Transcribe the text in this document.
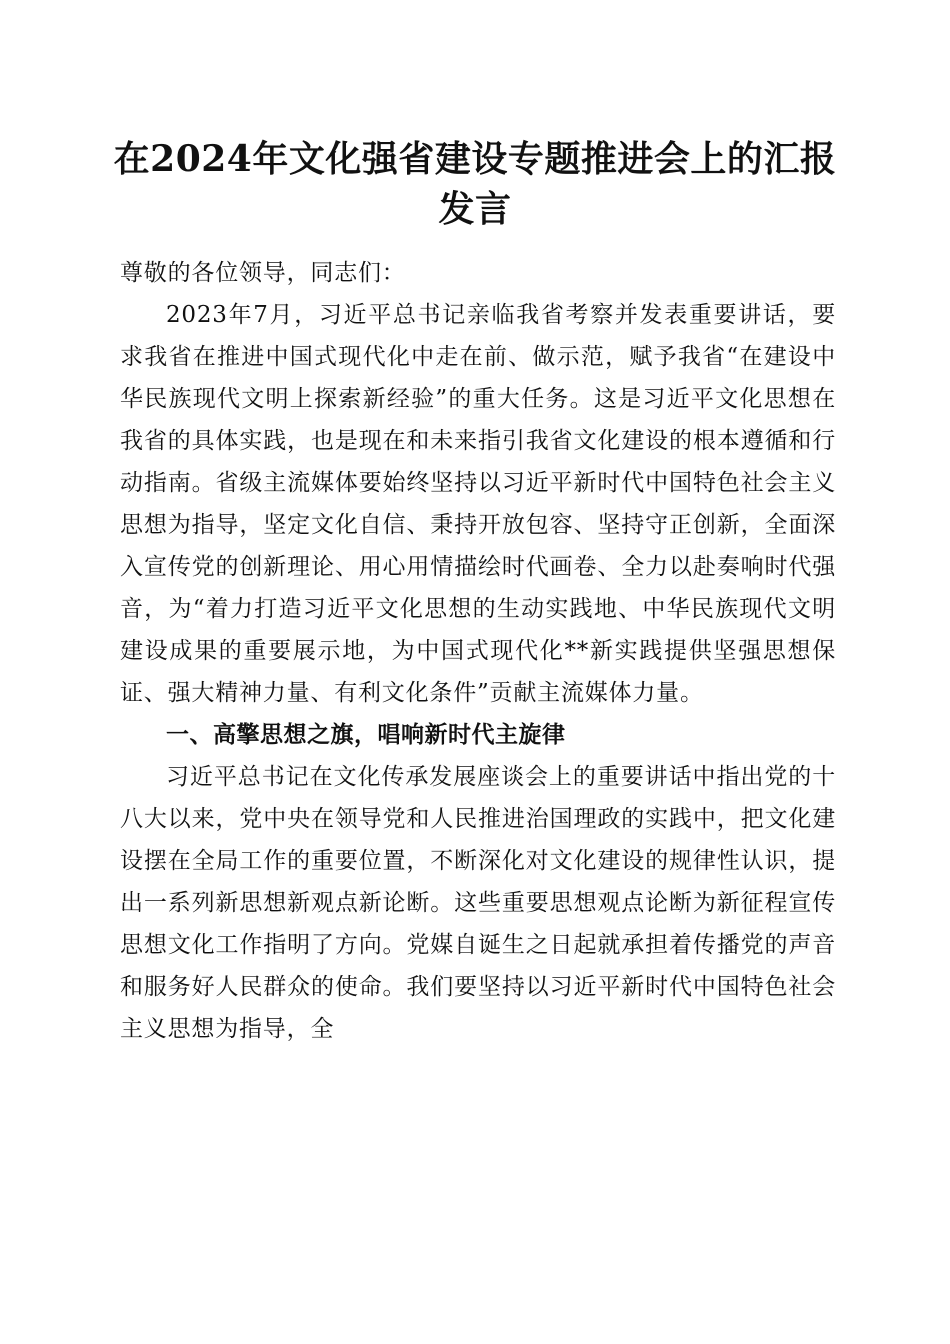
在2024年文化强省建设专题推进会上的汇报
发言

尊敬的各位领导，同志们：

2023年7月，习近平总书记亲临我省考察并发表重要讲话，要求我省在推进中国式现代化中走在前、做示范，赋予我省“在建设中华民族现代文明上探索新经验”的重大任务。这是习近平文化思想在我省的具体实践，也是现在和未来指引我省文化建设的根本遵循和行动指南。省级主流媒体要始终坚持以习近平新时代中国特色社会主义思想为指导，坚定文化自信、秉持开放包容、坚持守正创新，全面深入宣传党的创新理论、用心用情描绘时代画卷、全力以赴奏响时代强音，为“着力打造习近平文化思想的生动实践地、中华民族现代文明建设成果的重要展示地，为中国式现代化**新实践提供坚强思想保证、强大精神力量、有利文化条件”贡献主流媒体力量。

一、高擎思想之旗，唱响新时代主旋律

习近平总书记在文化传承发展座谈会上的重要讲话中指出党的十八大以来，党中央在领导党和人民推进治国理政的实践中，把文化建设摆在全局工作的重要位置，不断深化对文化建设的规律性认识，提出一系列新思想新观点新论断。这些重要思想观点论断为新征程宣传思想文化工作指明了方向。党媒自诞生之日起就承担着传播党的声音和服务好人民群众的使命。我们要坚持以习近平新时代中国特色社会主义思想为指导，全
